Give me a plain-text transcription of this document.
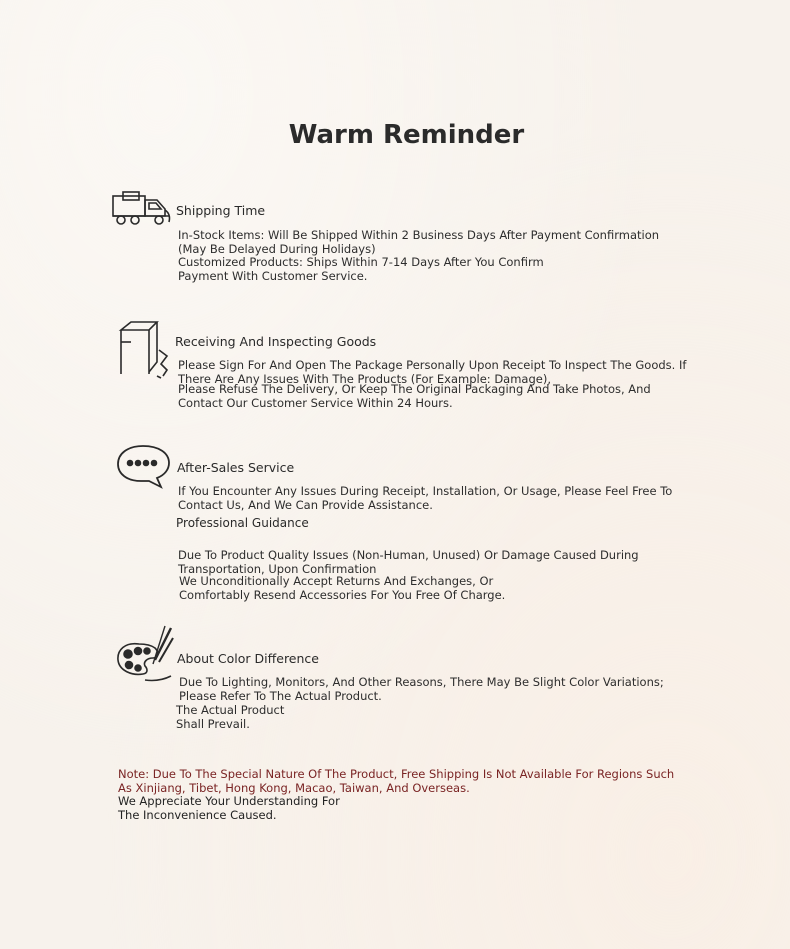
Warm Reminder
Shipping Time
In-Stock Items: Will Be Shipped Within 2 Business Days After Payment Confirmation (May Be Delayed During Holidays)
Customized Products: Ships Within 7-14 Days After You Confirm Payment With Customer Service.
Receiving And Inspecting Goods
Please Sign For And Open The Package Personally Upon Receipt To Inspect The Goods. If There Are Any Issues With The Products (For Example: Damage),
Please Refuse The Delivery, Or Keep The Original Packaging And Take Photos, And Contact Our Customer Service Within 24 Hours.
After-Sales Service
If You Encounter Any Issues During Receipt, Installation, Or Usage, Please Feel Free To Contact Us, And We Can Provide Assistance.
Professional Guidance
Due To Product Quality Issues (Non-Human, Unused) Or Damage Caused During Transportation, Upon Confirmation
We Unconditionally Accept Returns And Exchanges, Or Comfortably Resend Accessories For You Free Of Charge.
About Color Difference
Due To Lighting, Monitors, And Other Reasons, There May Be Slight Color Variations; Please Refer To The Actual Product.
The Actual Product Shall Prevail.
Note: Due To The Special Nature Of The Product, Free Shipping Is Not Available For Regions Such As Xinjiang, Tibet, Hong Kong, Macao, Taiwan, And Overseas.
We Appreciate Your Understanding For The Inconvenience Caused.
